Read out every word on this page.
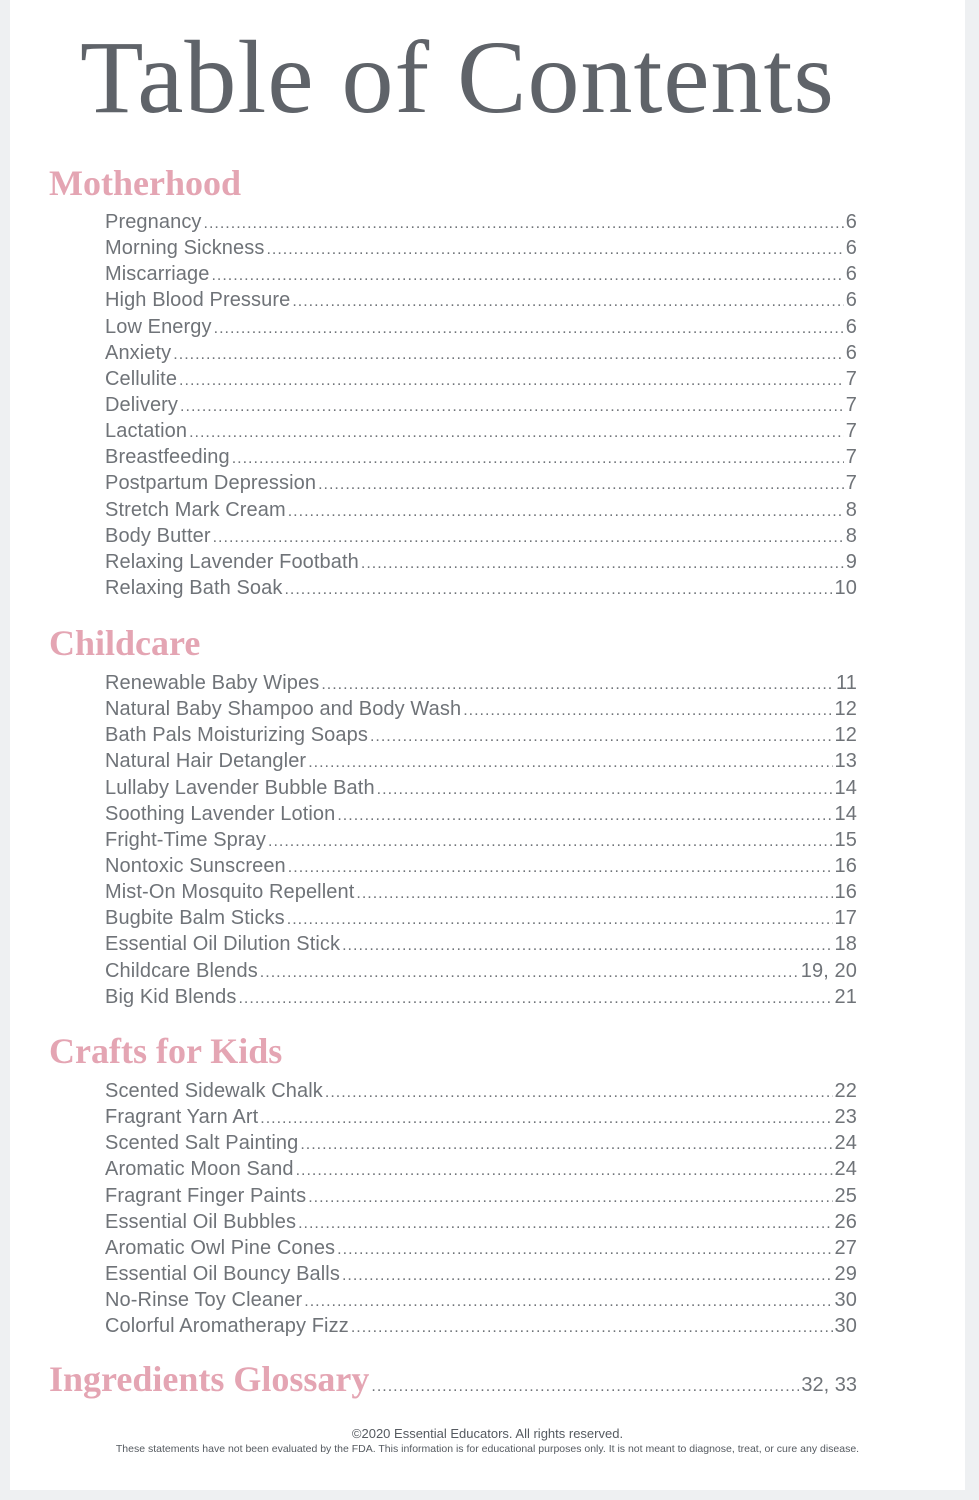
Table of Contents
Motherhood
Pregnancy .....	6
Morning Sickness .....	6
Miscarriage .....	6
High Blood Pressure .....	6
Low Energy .....	6
Anxiety .....	6
Cellulite .....	7
Delivery .....	7
Lactation .....	7
Breastfeeding .....	7
Postpartum Depression .....	7
Stretch Mark Cream .....	8
Body Butter .....	8
Relaxing Lavender Footbath .....	9
Relaxing Bath Soak .....	10
Childcare
Renewable Baby Wipes .....	11
Natural Baby Shampoo and Body Wash .....	12
Bath Pals Moisturizing Soaps .....	12
Natural Hair Detangler .....	13
Lullaby Lavender Bubble Bath .....	14
Soothing Lavender Lotion .....	14
Fright-Time Spray .....	15
Nontoxic Sunscreen .....	16
Mist-On Mosquito Repellent .....	16
Bugbite Balm Sticks .....	17
Essential Oil Dilution Stick .....	18
Childcare Blends .....	19, 20
Big Kid Blends .....	21
Crafts for Kids
Scented Sidewalk Chalk .....	22
Fragrant Yarn Art .....	23
Scented Salt Painting .....	24
Aromatic Moon Sand .....	24
Fragrant Finger Paints .....	25
Essential Oil Bubbles .....	26
Aromatic Owl Pine Cones .....	27
Essential Oil Bouncy Balls .....	29
No-Rinse Toy Cleaner .....	30
Colorful Aromatherapy Fizz .....	30
Ingredients Glossary .....	32, 33
©2020 Essential Educators. All rights reserved.
These statements have not been evaluated by the FDA. This information is for educational purposes only. It is not meant to diagnose, treat, or cure any disease.
